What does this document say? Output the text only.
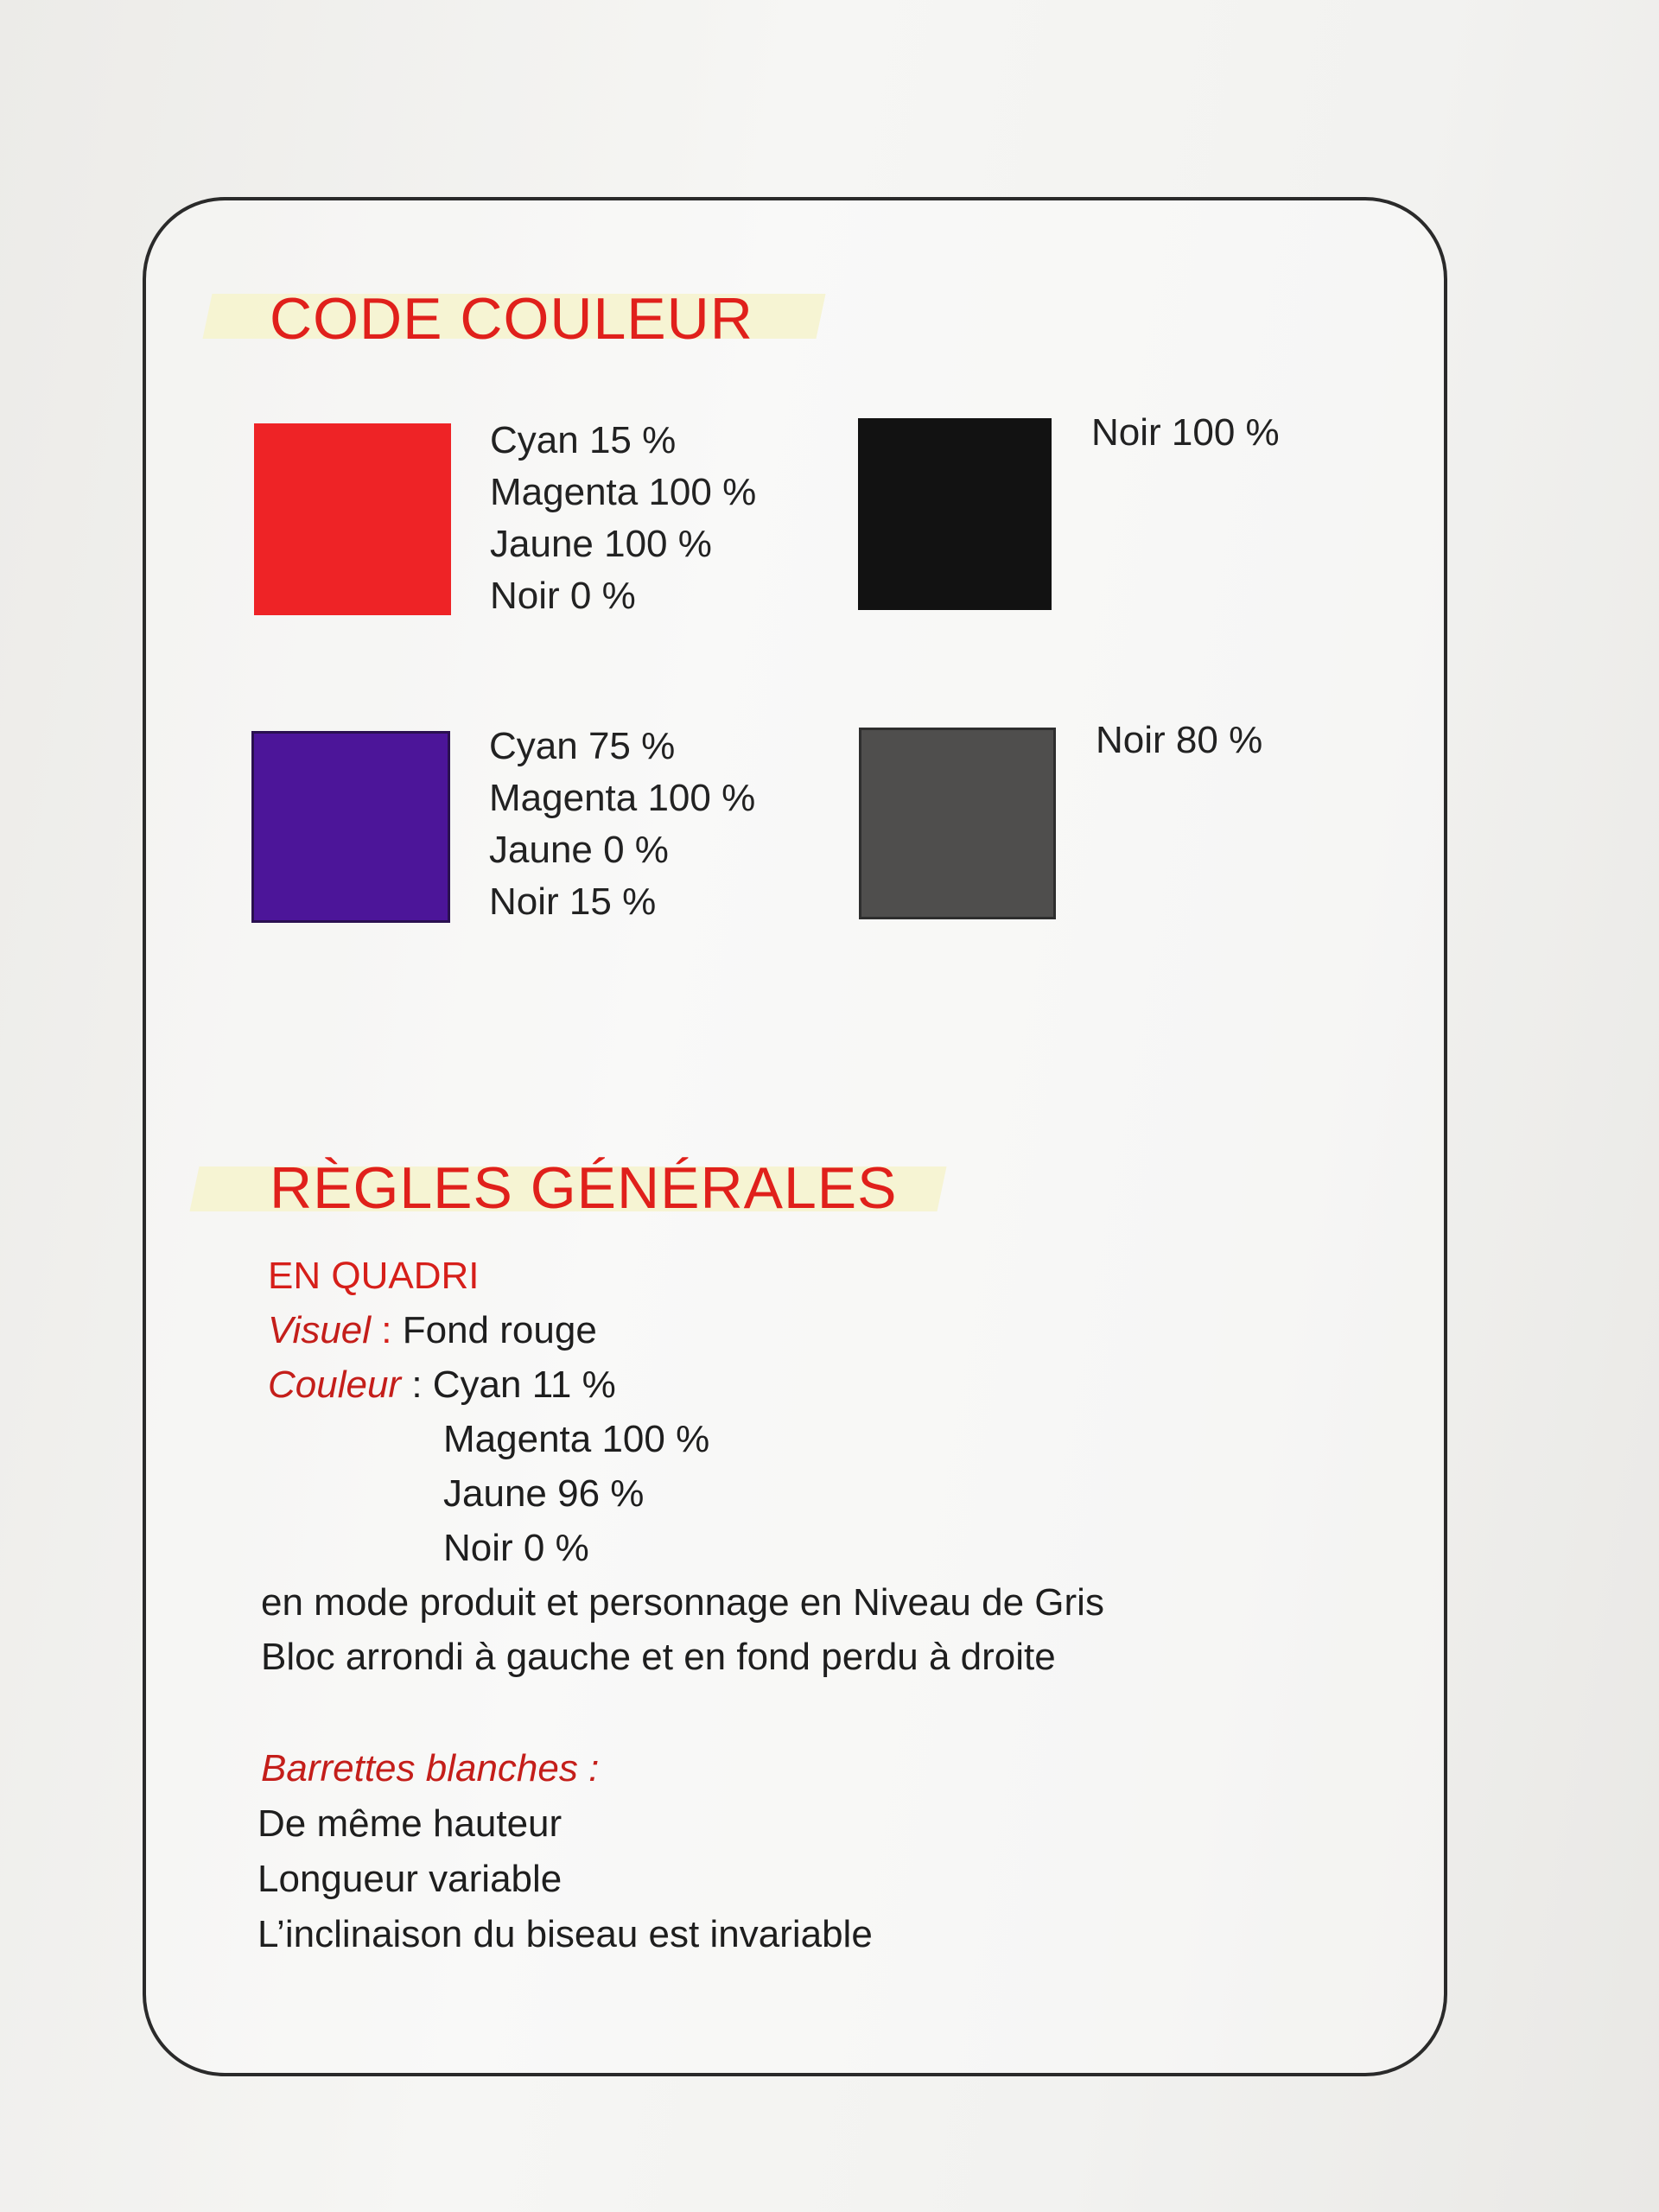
CODE COULEUR
Cyan 15 %
Magenta 100 %
Jaune 100 %
Noir 0 %
Noir 100 %
Cyan 75 %
Magenta 100 %
Jaune 0 %
Noir 15 %
Noir 80 %
RÈGLES GÉNÉRALES
EN QUADRI
Visuel : Fond rouge
Couleur : Cyan 11 %
Magenta 100 %
Jaune 96 %
Noir 0 %
en mode produit et personnage en Niveau de Gris
Bloc arrondi à gauche et en fond perdu à droite
Barrettes blanches :
De même hauteur
Longueur variable
L’inclinaison du biseau est invariable
